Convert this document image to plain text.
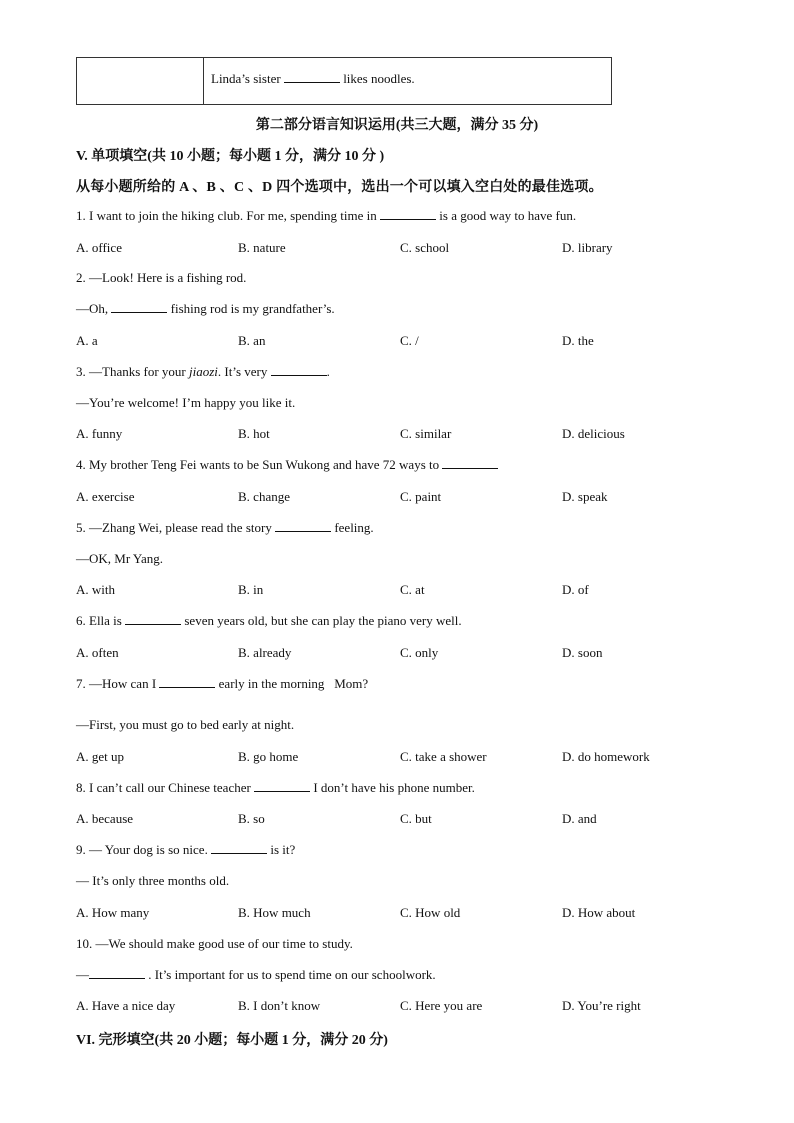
Linda’s sister	likes noodles.
第二部分语言知识运用(共三大题，满分 35 分)
V. 单项填空(共 10 小题；每小题 1 分，满分 10 分 )
从每小题所给的 A 、B 、C 、D 四个选项中，选出一个可以填入空白处的最佳选项。
1. I want to join the hiking club. For me, spending time in	is a good way to have fun.
A. office	B. nature	C. school	D. library
2. —Look! Here is a fishing rod.
—Oh,	fishing rod is my grandfather’s.
A. a	B. an	C. /	D. the
3. —Thanks for your jiaozi. It’s very	.
—You’re welcome! I’m happy you like it.
A. funny	B. hot	C. similar	D. delicious
4. My brother Teng Fei wants to be Sun Wukong and have 72 ways to
A. exercise	B. change	C. paint	D. speak
5. —Zhang Wei, please read the story	feeling.
—OK, Mr Yang.
A. with	B. in	C. at	D. of
6. Ella is	seven years old, but she can play the piano very well.
A. often	B. already	C. only	D. soon
7. —How can I	early in the morning Mom?
—First, you must go to bed early at night.
A. get up	B. go home	C. take a shower	D. do homework
8. I can’t call our Chinese teacher	I don’t have his phone number.
A. because	B. so	C. but	D. and
9. — Your dog is so nice.	is it?
— It’s only three months old.
A. How many	B. How much	C. How old	D. How about
10. —We should make good use of our time to study.
—	. It’s important for us to spend time on our schoolwork.
A. Have a nice day	B. I don’t know	C. Here you are	D. You’re right
VI. 完形填空(共 20 小题；每小题 1 分，满分 20 分)
